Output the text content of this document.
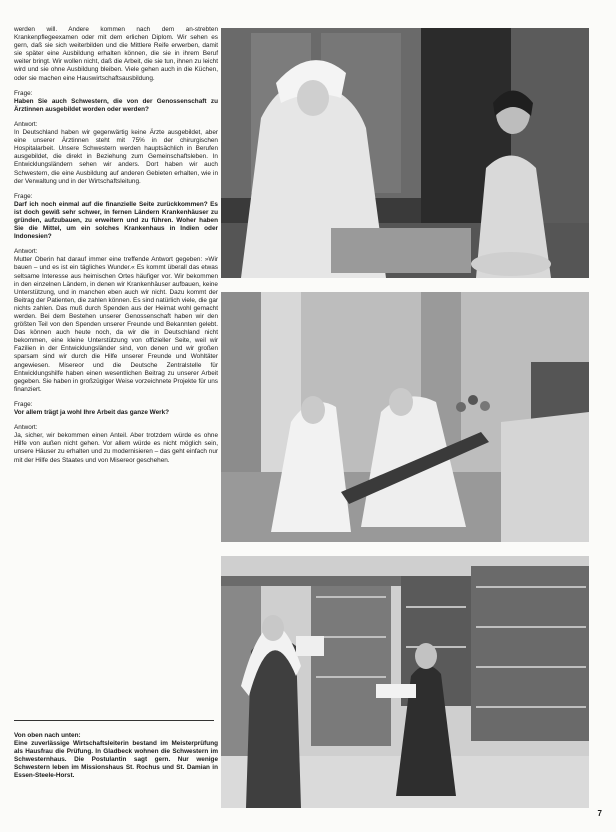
werden will. Andere kommen nach dem an-strebten Krankenpflegeexamen oder mit dem erlichen Diplom. Wir sehen es gern, daß sie sich weiterbilden und die Mittlere Reife erwerben, damit sie später eine Ausbildung erhalten können, die sie in ihrem Beruf weiter bringt. Wir wollen nicht, daß die Arbeit, die sie tun, ihnen zu leicht wird und sie ohne Ausbildung bleiben. Viele gehen auch in die Küchen, oder sie machen eine Hauswirtschaftsausbildung.

Frage:

Haben Sie auch Schwestern, die von der Genossenschaft zu Ärztinnen ausgebildet worden oder werden?

Antwort:

In Deutschland haben wir gegenwärtig keine Ärzte ausgebildet, aber eine unserer Ärztinnen steht mit 75% in der chirurgischen Hospitalarbeit. Unsere Schwestern werden hauptsächlich in Berufen ausgebildet, die direkt in Beziehung zum Gemeinschaftsleben. In Entwicklungsländern sehen wir anders. Dort haben wir auch Schwestern, die eine Ausbildung auf anderen Gebieten erhalten, wie in der Verwaltung und in der Wirtschaftsleitung.

Frage:

Darf ich noch einmal auf die finanzielle Seite zurückkommen? Es ist doch gewiß sehr schwer, in fernen Ländern Krankenhäuser zu gründen, aufzubauen, zu erweitern und zu führen. Woher haben Sie die Mittel, um ein solches Krankenhaus in Indien oder Indonesien?

Antwort:

Mutter Oberin hat darauf immer eine treffende Antwort gegeben: »Wir bauen – und es ist ein tägliches Wunder.« Es kommt überall das etwas seltsame Interesse aus heimischen Ortes häufiger vor. Wir bekommen in den einzelnen Ländern, in denen wir Krankenhäuser aufbauen, keine Unterstützung, und in manchen eben auch wir nicht. Dazu kommt der Beitrag der Patienten, die zahlen können. Es sind natürlich viele, die gar nichts zahlen. Das muß durch Spenden aus der Heimat wohl gemacht werden. Bei dem Bestehen unserer Genossenschaft haben wir den größten Teil von den Spenden unserer Freunde und Bekannten gelebt. Das können auch heute noch, da wir die in Deutschland nicht bekommen, eine kleine Unterstützung von offizieller Seite, weil wir Fazilien in der Entwicklungsländer sind, von denen und wir großen sparsam sind wir durch die Hilfe unserer Freunde und Wohltäter angewiesen. Misereor und die Deutsche Zentralstelle für Entwicklungshilfe haben einen wesentlichen Beitrag zu unserer Arbeit gegeben. Sie haben in großzügiger Weise vorzeichnete Projekte für uns finanziert.

Frage:

Vor allem trägt ja wohl Ihre Arbeit das ganze Werk?

Antwort:

Ja, sicher, wir bekommen einen Anteil. Aber trotzdem würde es ohne Hilfe von außen nicht gehen. Vor allem würde es nicht möglich sein, unsere Häuser zu erhalten und zu modernisieren – das geht einfach nur mit der Hilfe des Staates und von Misereor geschehen.

Von oben nach unten:

Eine zuverlässige Wirtschaftsleiterin bestand im Meisterprüfung als Hausfrau die Prüfung. In Gladbeck wohnen die Schwestern im Schwesternhaus. Die Postulantin sagt gern. Nur wenige Schwestern leben im Missionshaus St. Rochus und St. Damian in Essen-Steele-Horst.

7
